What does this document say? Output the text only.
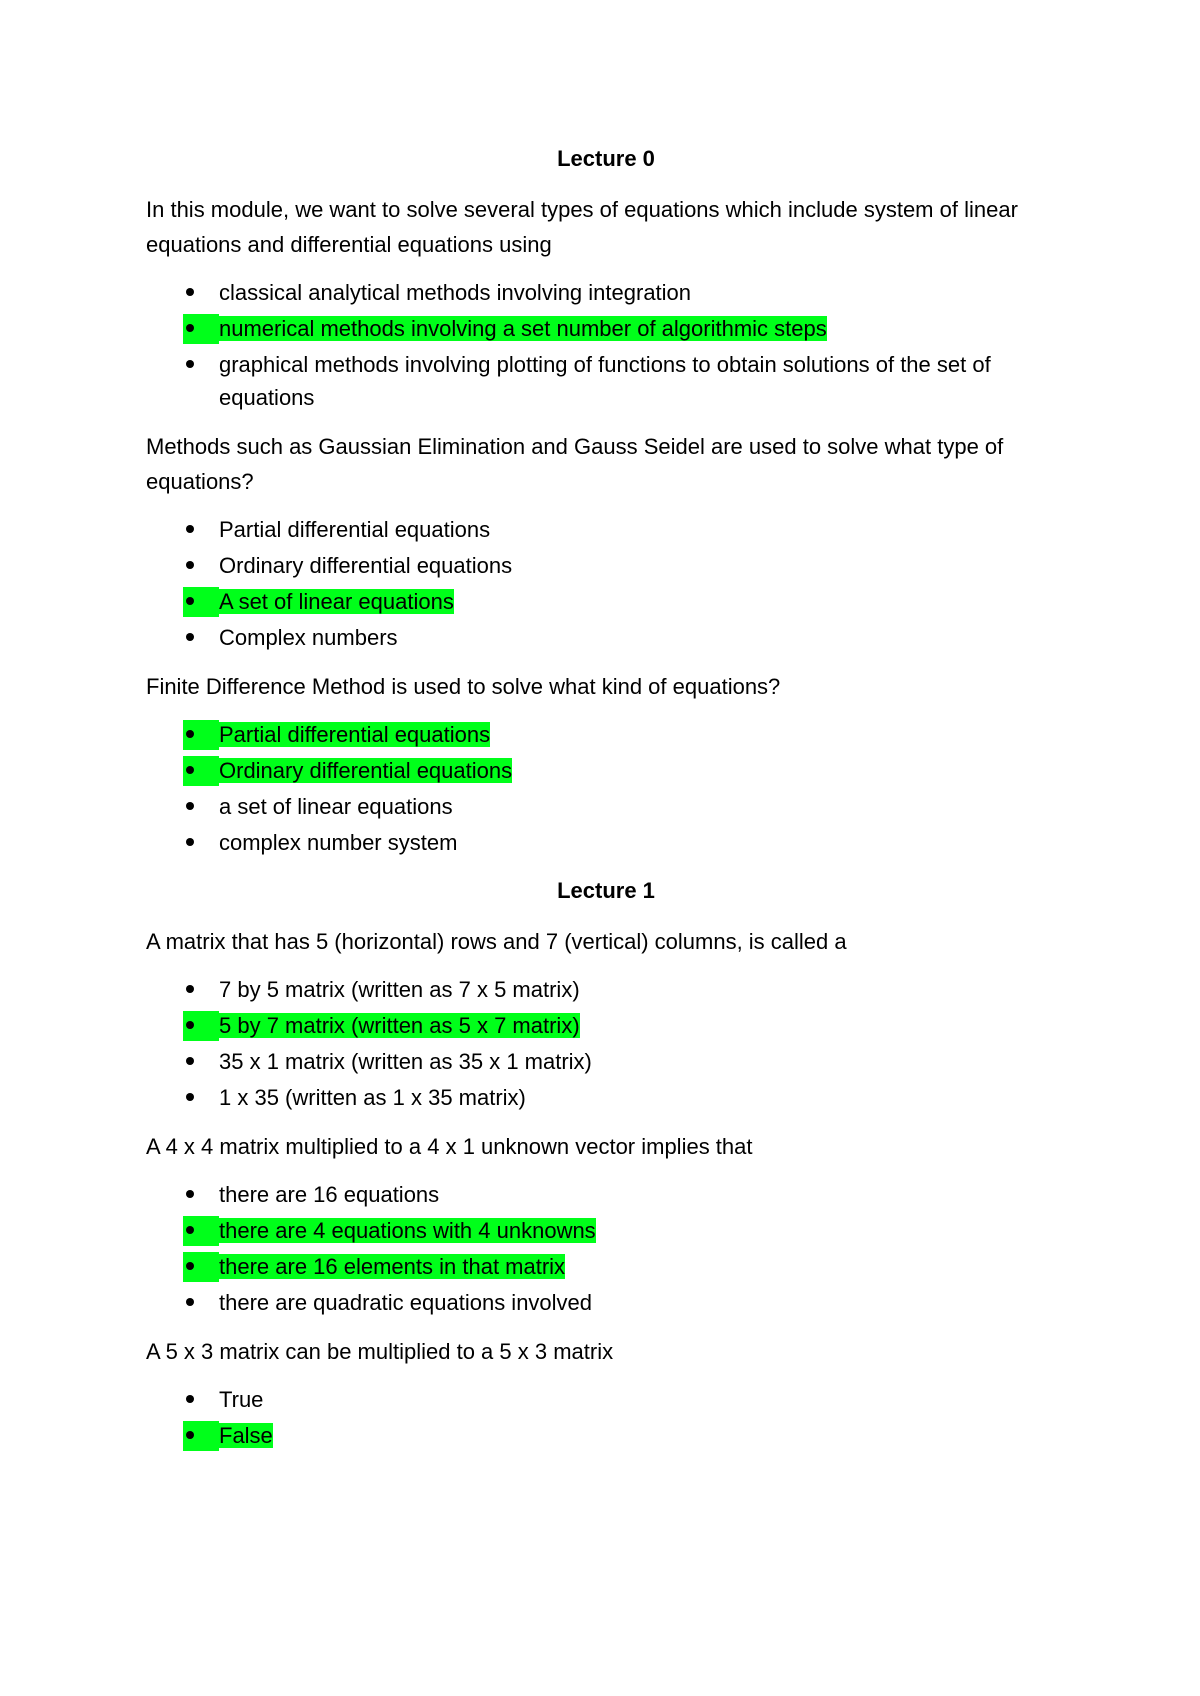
Lecture 0

In this module, we want to solve several types of equations which include system of linear equations and differential equations using

classical analytical methods involving integration
numerical methods involving a set number of algorithmic steps
graphical methods involving plotting of functions to obtain solutions of the set of equations

Methods such as Gaussian Elimination and Gauss Seidel are used to solve what type of equations?

Partial differential equations
Ordinary differential equations
A set of linear equations
Complex numbers

Finite Difference Method is used to solve what kind of equations?

Partial differential equations
Ordinary differential equations
a set of linear equations
complex number system
Lecture 1

A matrix that has 5 (horizontal) rows and 7 (vertical) columns, is called a

7 by 5 matrix (written as 7 x 5 matrix)
5 by 7 matrix (written as 5 x 7 matrix)
35 x 1 matrix (written as 35 x 1 matrix)
1 x 35 (written as 1 x 35 matrix)

A 4 x 4 matrix multiplied to a 4 x 1 unknown vector implies that

there are 16 equations
there are 4 equations with 4 unknowns
there are 16 elements in that matrix
there are quadratic equations involved

A 5 x 3 matrix can be multiplied to a 5 x 3 matrix

True
False
